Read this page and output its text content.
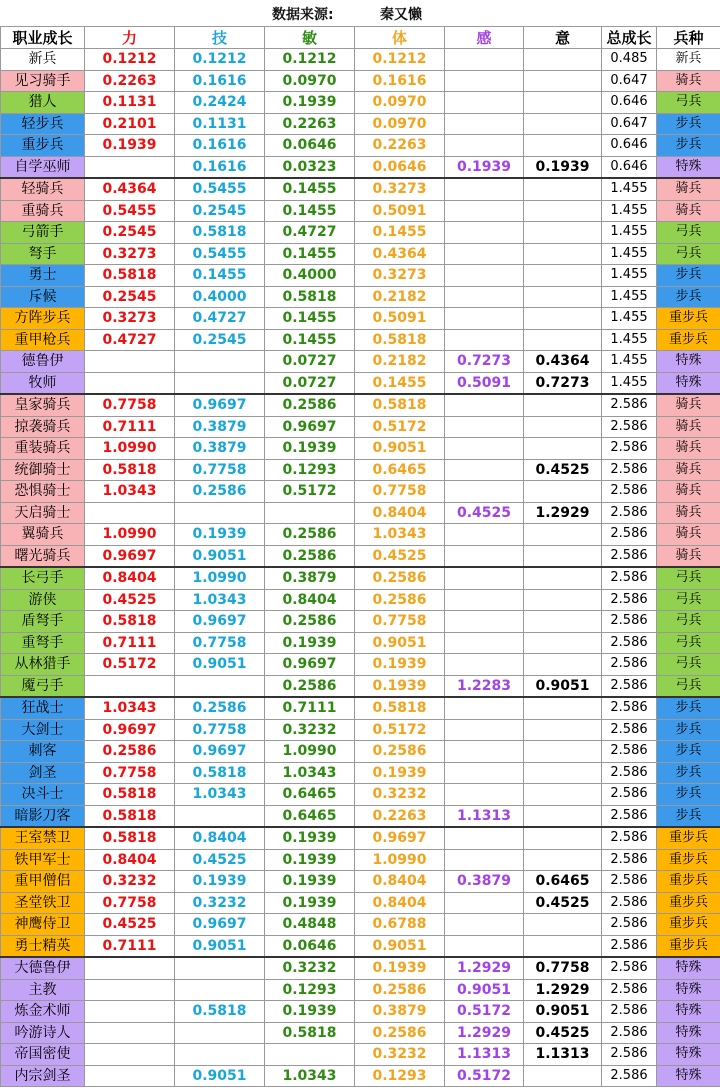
数据来源:	秦又懒
职业成长	力	技	敏	体	感	意	总成长	兵种
新兵	0.1212	0.1212	0.1212	0.1212			0.485	新兵
见习骑手	0.2263	0.1616	0.0970	0.1616			0.647	骑兵
猎人	0.1131	0.2424	0.1939	0.0970			0.646	弓兵
轻步兵	0.2101	0.1131	0.2263	0.0970			0.647	步兵
重步兵	0.1939	0.1616	0.0646	0.2263			0.646	步兵
自学巫师		0.1616	0.0323	0.0646	0.1939	0.1939	0.646	特殊
轻骑兵	0.4364	0.5455	0.1455	0.3273			1.455	骑兵
重骑兵	0.5455	0.2545	0.1455	0.5091			1.455	骑兵
弓箭手	0.2545	0.5818	0.4727	0.1455			1.455	弓兵
弩手	0.3273	0.5455	0.1455	0.4364			1.455	弓兵
勇士	0.5818	0.1455	0.4000	0.3273			1.455	步兵
斥候	0.2545	0.4000	0.5818	0.2182			1.455	步兵
方阵步兵	0.3273	0.4727	0.1455	0.5091			1.455	重步兵
重甲枪兵	0.4727	0.2545	0.1455	0.5818			1.455	重步兵
德鲁伊			0.0727	0.2182	0.7273	0.4364	1.455	特殊
牧师			0.0727	0.1455	0.5091	0.7273	1.455	特殊
皇家骑兵	0.7758	0.9697	0.2586	0.5818			2.586	骑兵
掠袭骑兵	0.7111	0.3879	0.9697	0.5172			2.586	骑兵
重装骑兵	1.0990	0.3879	0.1939	0.9051			2.586	骑兵
统御骑士	0.5818	0.7758	0.1293	0.6465		0.4525	2.586	骑兵
恐惧骑士	1.0343	0.2586	0.5172	0.7758			2.586	骑兵
天启骑士				0.8404	0.4525	1.2929	2.586	骑兵
翼骑兵	1.0990	0.1939	0.2586	1.0343			2.586	骑兵
曙光骑兵	0.9697	0.9051	0.2586	0.4525			2.586	骑兵
长弓手	0.8404	1.0990	0.3879	0.2586			2.586	弓兵
游侠	0.4525	1.0343	0.8404	0.2586			2.586	弓兵
盾弩手	0.5818	0.9697	0.2586	0.7758			2.586	弓兵
重弩手	0.7111	0.7758	0.1939	0.9051			2.586	弓兵
从林猎手	0.5172	0.9051	0.9697	0.1939			2.586	弓兵
魇弓手			0.2586	0.1939	1.2283	0.9051	2.586	弓兵
狂战士	1.0343	0.2586	0.7111	0.5818			2.586	步兵
大剑士	0.9697	0.7758	0.3232	0.5172			2.586	步兵
刺客	0.2586	0.9697	1.0990	0.2586			2.586	步兵
剑圣	0.7758	0.5818	1.0343	0.1939			2.586	步兵
决斗士	0.5818	1.0343	0.6465	0.3232			2.586	步兵
暗影刀客	0.5818		0.6465	0.2263	1.1313		2.586	步兵
王室禁卫	0.5818	0.8404	0.1939	0.9697			2.586	重步兵
铁甲军士	0.8404	0.4525	0.1939	1.0990			2.586	重步兵
重甲僧侣	0.3232	0.1939	0.1939	0.8404	0.3879	0.6465	2.586	重步兵
圣堂铁卫	0.7758	0.3232	0.1939	0.8404		0.4525	2.586	重步兵
神鹰侍卫	0.4525	0.9697	0.4848	0.6788			2.586	重步兵
勇士精英	0.7111	0.9051	0.0646	0.9051			2.586	重步兵
大德鲁伊			0.3232	0.1939	1.2929	0.7758	2.586	特殊
主教			0.1293	0.2586	0.9051	1.2929	2.586	特殊
炼金术师		0.5818	0.1939	0.3879	0.5172	0.9051	2.586	特殊
吟游诗人			0.5818	0.2586	1.2929	0.4525	2.586	特殊
帝国密使				0.3232	1.1313	1.1313	2.586	特殊
内宗剑圣		0.9051	1.0343	0.1293	0.5172		2.586	特殊
